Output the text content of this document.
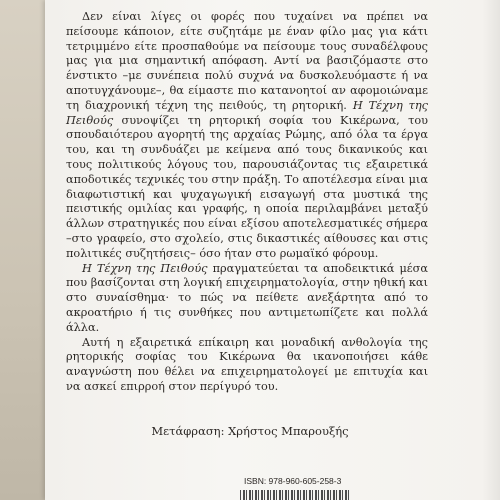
Δεν είναι λίγες οι φορές που τυχαίνει να πρέπει να πείσουμε κάποιον, είτε συζητάμε με έναν φίλο μας για κάτι τετριμμένο είτε προσπαθούμε να πείσουμε τους συναδέλφους μας για μια σημαντική απόφαση. Αντί να βασιζόμαστε στο ένστικτο –με συνέπεια πολύ συχνά να δυσκολευόμαστε ή να αποτυγχάνουμε–, θα είμαστε πιο κατανοητοί αν αφομοιώναμε τη διαχρονική τέχνη της πειθούς, τη ρητορική. Η Τέχνη της Πειθούς συνοψίζει τη ρητορική σοφία του Κικέρωνα, του σπουδαιότερου αγορητή της αρχαίας Ρώμης, από όλα τα έργα του, και τη συνδυάζει με κείμενα από τους δικανικούς και τους πολιτικούς λόγους του, παρουσιάζοντας τις εξαιρετικά αποδοτικές τεχνικές του στην πράξη. Το αποτέλεσμα είναι μια διαφωτιστική και ψυχαγωγική εισαγωγή στα μυστικά της πειστικής ομιλίας και γραφής, η οποία περιλαμβάνει μεταξύ άλλων στρατηγικές που είναι εξίσου αποτελεσματικές σήμερα –στο γραφείο, στο σχολείο, στις δικαστικές αίθουσες και στις πολιτικές συζητήσεις– όσο ήταν στο ρωμαϊκό φόρουμ.

Η Τέχνη της Πειθούς πραγματεύεται τα αποδεικτικά μέσα που βασίζονται στη λογική επιχειρηματολογία, στην ηθική και στο συναίσθημα· το πώς να πείθετε ανεξάρτητα από το ακροατήριο ή τις συνθήκες που αντιμετωπίζετε και πολλά άλλα.

Αυτή η εξαιρετικά επίκαιρη και μοναδική ανθολογία της ρητορικής σοφίας του Κικέρωνα θα ικανοποιήσει κάθε αναγνώστη που θέλει να επιχειρηματολογεί με επιτυχία και να ασκεί επιρροή στον περίγυρό του.

Μετάφραση: Χρήστος Μπαρουξής
ISBN: 978-960-605-258-3
